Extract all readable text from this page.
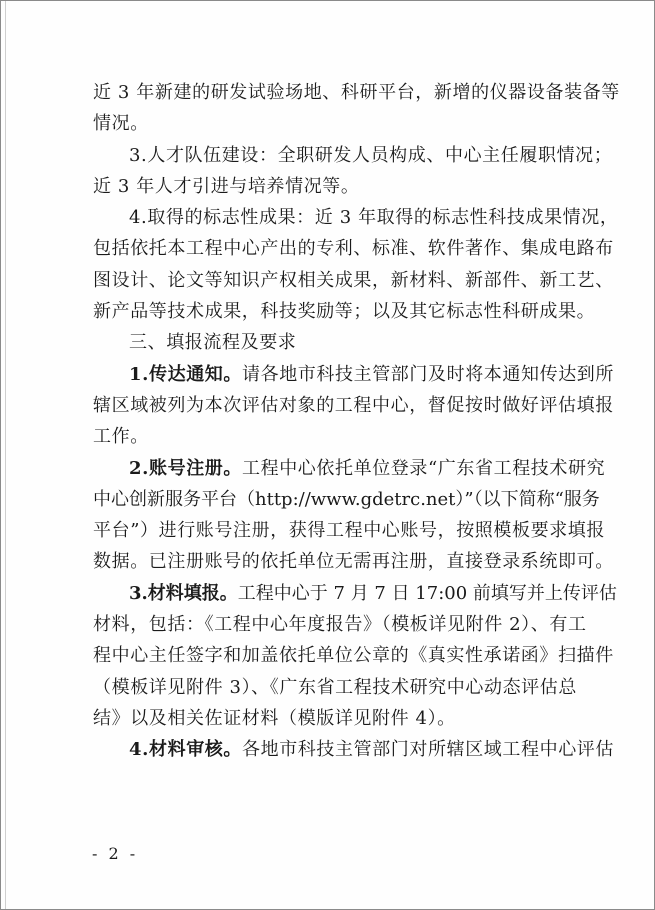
近 3 年新建的研发试验场地、科研平台，新增的仪器设备装备等
情况。
3.人才队伍建设：全职研发人员构成、中心主任履职情况；
近 3 年人才引进与培养情况等。
4.取得的标志性成果：近 3 年取得的标志性科技成果情况，
包括依托本工程中心产出的专利、标准、软件著作、集成电路布
图设计、论文等知识产权相关成果，新材料、新部件、新工艺、
新产品等技术成果，科技奖励等；以及其它标志性科研成果。
三、填报流程及要求
1.传达通知。请各地市科技主管部门及时将本通知传达到所
辖区域被列为本次评估对象的工程中心，督促按时做好评估填报
工作。
2.账号注册。工程中心依托单位登录“广东省工程技术研究
中心创新服务平台（http://www.gdetrc.net）”（以下简称“服务
平台”）进行账号注册，获得工程中心账号，按照模板要求填报
数据。已注册账号的依托单位无需再注册，直接登录系统即可。
3.材料填报。工程中心于 7 月 7 日 17:00 前填写并上传评估
材料，包括：《工程中心年度报告》（模板详见附件 2）、有工
程中心主任签字和加盖依托单位公章的《真实性承诺函》扫描件
（模板详见附件 3）、《广东省工程技术研究中心动态评估总
结》以及相关佐证材料（模版详见附件 4）。
4.材料审核。各地市科技主管部门对所辖区域工程中心评估
- 2 -
